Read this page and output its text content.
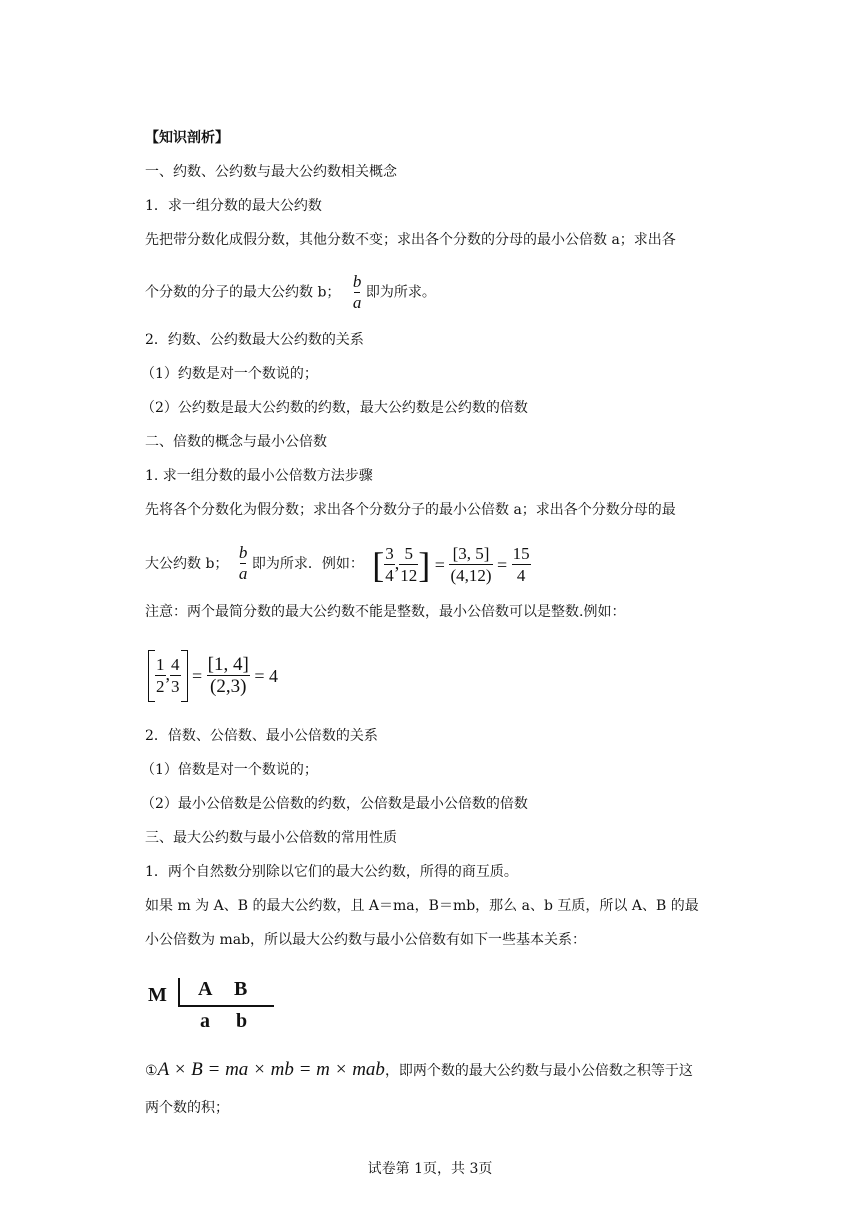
【知识剖析】
一、约数、公约数与最大公约数相关概念
1．求一组分数的最大公约数
先把带分数化成假分数，其他分数不变；求出各个分数的分母的最小公倍数 a；求出各
个分数的分子的最大公约数 b； $\frac{b}{a}$ 即为所求。
2．约数、公约数最大公约数的关系
（1）约数是对一个数说的；
（2）公约数是最大公约数的约数，最大公约数是公约数的倍数
二、倍数的概念与最小公倍数
1. 求一组分数的最小公倍数方法步骤
先将各个分数化为假分数；求出各个分数分子的最小公倍数 a；求出各个分数分母的最
大公约数 b； $\frac{b}{a}$ 即为所求．例如： [ $\frac{3}{4}$ , $\frac{5}{12}$ ] = $\frac{[3, 5]}{(4,12)} = \frac{15}{4}$
注意：两个最简分数的最大公约数不能是整数，最小公倍数可以是整数.例如：
$\frac{1}{2}$ , $\frac{4}{3} = \frac{[1, 4]}{(2,3)} = 4$
2．倍数、公倍数、最小公倍数的关系
（1）倍数是对一个数说的；
（2）最小公倍数是公倍数的约数，公倍数是最小公倍数的倍数
三、最大公约数与最小公倍数的常用性质
1．两个自然数分别除以它们的最大公约数，所得的商互质。
如果 m 为 A、B 的最大公约数，且 A＝ma，B＝mb，那么 a、b 互质，所以 A、B 的最
小公倍数为 mab，所以最大公约数与最小公倍数有如下一些基本关系：
M A B
a b
①A × B = ma × mb = m × mab，即两个数的最大公约数与最小公倍数之积等于这
两个数的积；
试卷第 1页，共 3页
